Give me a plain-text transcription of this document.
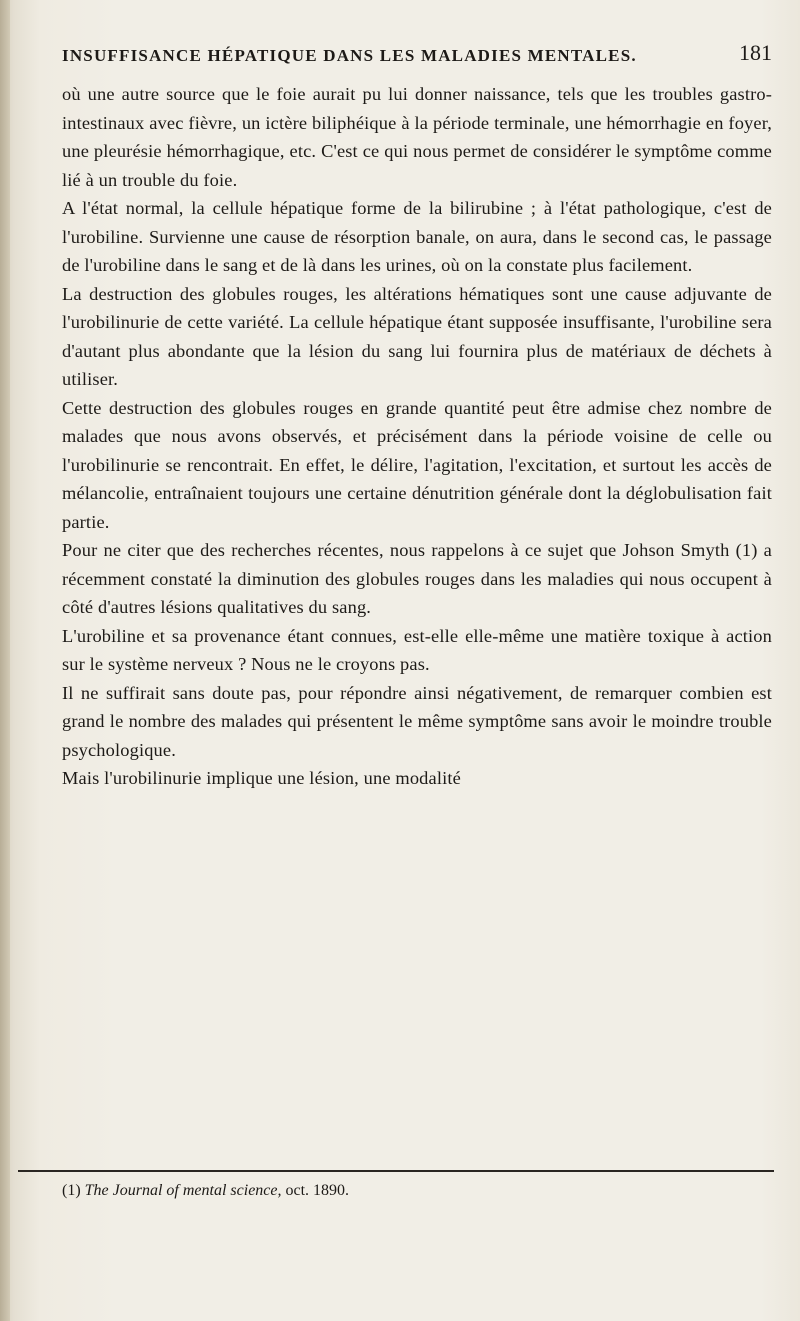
INSUFFISANCE HÉPATIQUE DANS LES MALADIES MENTALES.	181

où une autre source que le foie aurait pu lui donner naissance, tels que les troubles gastro-intestinaux avec fièvre, un ictère biliphéique à la période terminale, une hémorrhagie en foyer, une pleurésie hémorrhagique, etc. C'est ce qui nous permet de considérer le symptôme comme lié à un trouble du foie.

A l'état normal, la cellule hépatique forme de la bilirubine ; à l'état pathologique, c'est de l'urobiline. Survienne une cause de résorption banale, on aura, dans le second cas, le passage de l'urobiline dans le sang et de là dans les urines, où on la constate plus facilement.

La destruction des globules rouges, les altérations hématiques sont une cause adjuvante de l'urobilinurie de cette variété. La cellule hépatique étant supposée insuffisante, l'urobiline sera d'autant plus abondante que la lésion du sang lui fournira plus de matériaux de déchets à utiliser.

Cette destruction des globules rouges en grande quantité peut être admise chez nombre de malades que nous avons observés, et précisément dans la période voisine de celle ou l'urobilinurie se rencontrait. En effet, le délire, l'agitation, l'excitation, et surtout les accès de mélancolie, entraînaient toujours une certaine dénutrition générale dont la déglobulisation fait partie.

Pour ne citer que des recherches récentes, nous rappelons à ce sujet que Johson Smyth (1) a récemment constaté la diminution des globules rouges dans les maladies qui nous occupent à côté d'autres lésions qualitatives du sang.

L'urobiline et sa provenance étant connues, est-elle elle-même une matière toxique à action sur le système nerveux ? Nous ne le croyons pas.

Il ne suffirait sans doute pas, pour répondre ainsi négativement, de remarquer combien est grand le nombre des malades qui présentent le même symptôme sans avoir le moindre trouble psychologique.

Mais l'urobilinurie implique une lésion, une modalité

(1) The Journal of mental science, oct. 1890.
